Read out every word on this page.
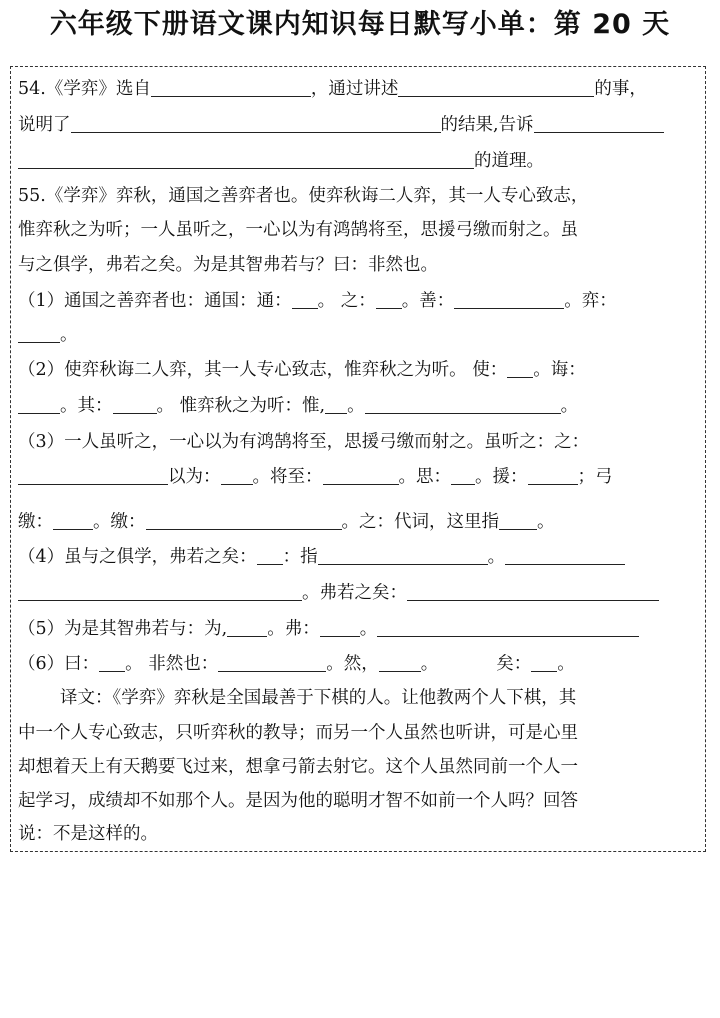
六年级下册语文课内知识每日默写小单：第 20 天
54.《学弈》选自	，通过讲述	的事，
说明了	的结果,告诉
的道理。
55.《学弈》弈秋，通国之善弈者也。使弈秋诲二人弈，其一人专心致志，
惟弈秋之为听；一人虽听之，一心以为有鸿鹄将至，思援弓缴而射之。虽
与之俱学，弗若之矣。为是其智弗若与？曰：非然也。
（1）通国之善弈者也：通国：通： 。 之： 。善：	。弈：
。
（2）使弈秋诲二人弈，其一人专心致志，惟弈秋之为听。 使： 。诲：
。其：	。 惟弈秋之为听：惟, 。	。
（3）一人虽听之，一心以为有鸿鹄将至，思援弓缴而射之。虽听之：之：
以为： 。将至：	。思： 。援：	；弓
缴： 。缴：	。之：代词，这里指 。
（4）虽与之俱学，弗若之矣： ：指	。
。弗若之矣：
（5）为是其智弗若与：为, 。弗： 。
（6）曰： 。 非然也：	。然， 。	矣： 。
译文：《学弈》弈秋是全国最善于下棋的人。让他教两个人下棋，其
中一个人专心致志，只听弈秋的教导；而另一个人虽然也听讲，可是心里
却想着天上有天鹅要飞过来，想拿弓箭去射它。这个人虽然同前一个人一
起学习，成绩却不如那个人。是因为他的聪明才智不如前一个人吗？回答
说：不是这样的。
